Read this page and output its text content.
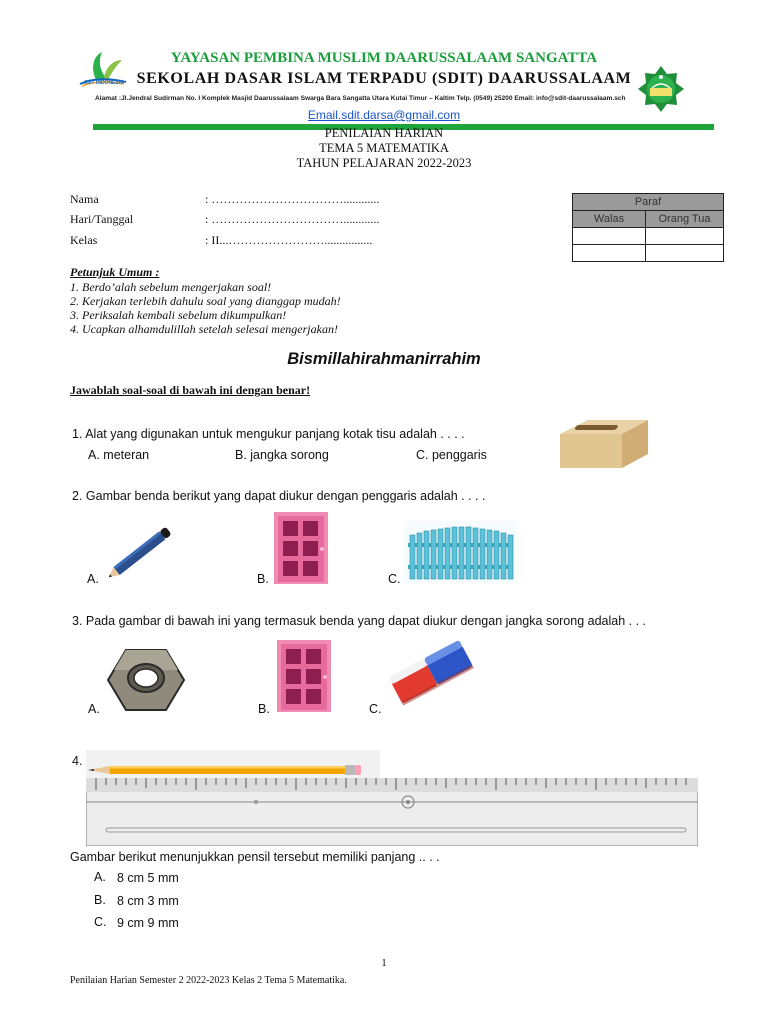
JSIT INDONESIA
YAYASAN PEMBINA MUSLIM DAARUSSALAAM SANGATTA
SEKOLAH DASAR ISLAM TERPADU (SDIT) DAARUSSALAAM
Alamat :Jl.Jendral Sudirman No. I Komplek Masjid Daarussalaam Swarga Bara Sangatta Utara Kutai Timur – Kaltim Telp. (0549) 25200 Email: info@sdit-daarussalaam.sch
Email.sdit.darsa@gmail.com
PENILAIAN HARIAN
TEMA 5 MATEMATIKA
TAHUN PELAJARAN 2022-2023
Nama	: ……………………………............
Hari/Tanggal	: ……………………………............
Kelas	: II...……………………................
Paraf	
Walas	Orang Tua

Petunjuk Umum :
1. Berdo’alah sebelum mengerjakan soal!
2. Kerjakan terlebih dahulu soal yang dianggap mudah!
3. Periksalah kembali sebelum dikumpulkan!
4. Ucapkan alhamdulillah setelah selesai mengerjakan!
Bismillahirahmanirrahim
Jawablah soal-soal di bawah ini dengan benar!
1. Alat yang digunakan untuk mengukur panjang kotak tisu adalah . . . .
A. meteran	B. jangka sorong	C. penggaris
2. Gambar benda berikut yang dapat diukur dengan penggaris adalah . . . .
A.	B.	C.
3. Pada gambar di bawah ini yang termasuk benda yang dapat diukur dengan jangka sorong adalah . . .
A.	B.	C.
4.
Gambar berikut menunjukkan pensil tersebut memiliki panjang .. . .
A. 8 cm 5 mm
B. 8 cm 3 mm
C. 9 cm 9 mm
1
Penilaian Harian Semester 2 2022-2023 Kelas 2 Tema 5 Matematika.
